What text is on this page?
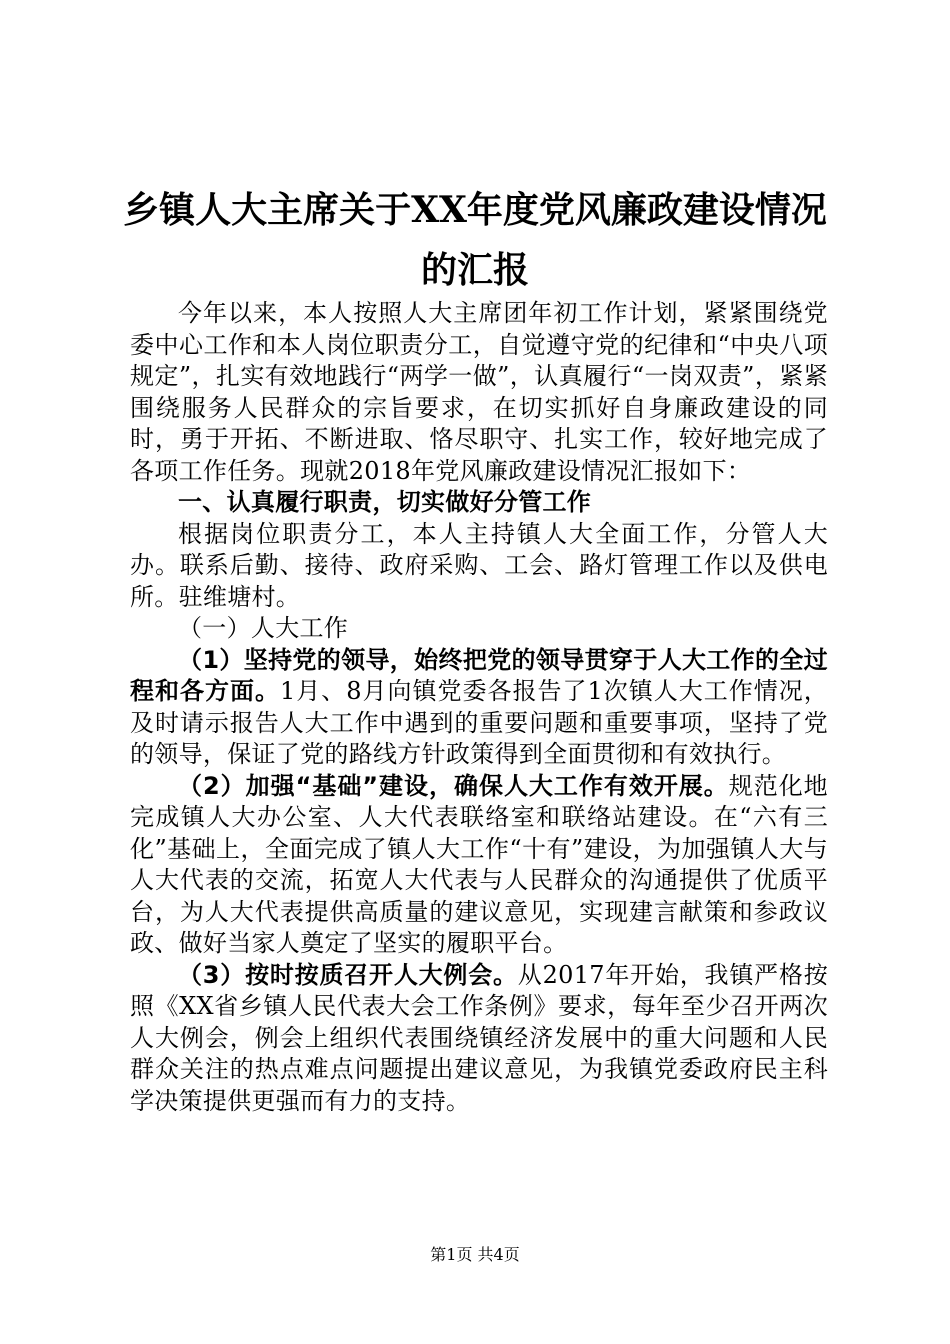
乡镇人大主席关于XX年度党风廉政建设情况
的汇报

今年以来，本人按照人大主席团年初工作计划，紧紧围绕党委中心工作和本人岗位职责分工，自觉遵守党的纪律和“中央八项规定”，扎实有效地践行“两学一做”，认真履行“一岗双责”，紧紧围绕服务人民群众的宗旨要求，在切实抓好自身廉政建设的同时，勇于开拓、不断进取、恪尽职守、扎实工作，较好地完成了各项工作任务。现就2018年党风廉政建设情况汇报如下：

一、认真履行职责，切实做好分管工作

根据岗位职责分工，本人主持镇人大全面工作，分管人大办。联系后勤、接待、政府采购、工会、路灯管理工作以及供电所。驻维塘村。

（一）人大工作

（1）坚持党的领导，始终把党的领导贯穿于人大工作的全过程和各方面。1月、8月向镇党委各报告了1次镇人大工作情况，及时请示报告人大工作中遇到的重要问题和重要事项，坚持了党的领导，保证了党的路线方针政策得到全面贯彻和有效执行。

（2）加强“基础”建设，确保人大工作有效开展。规范化地完成镇人大办公室、人大代表联络室和联络站建设。在“六有三化”基础上，全面完成了镇人大工作“十有”建设，为加强镇人大与人大代表的交流，拓宽人大代表与人民群众的沟通提供了优质平台，为人大代表提供高质量的建议意见，实现建言献策和参政议政、做好当家人奠定了坚实的履职平台。

（3）按时按质召开人大例会。从2017年开始，我镇严格按照《XX省乡镇人民代表大会工作条例》要求，每年至少召开两次人大例会，例会上组织代表围绕镇经济发展中的重大问题和人民群众关注的热点难点问题提出建议意见，为我镇党委政府民主科学决策提供更强而有力的支持。

第1页 共4页
